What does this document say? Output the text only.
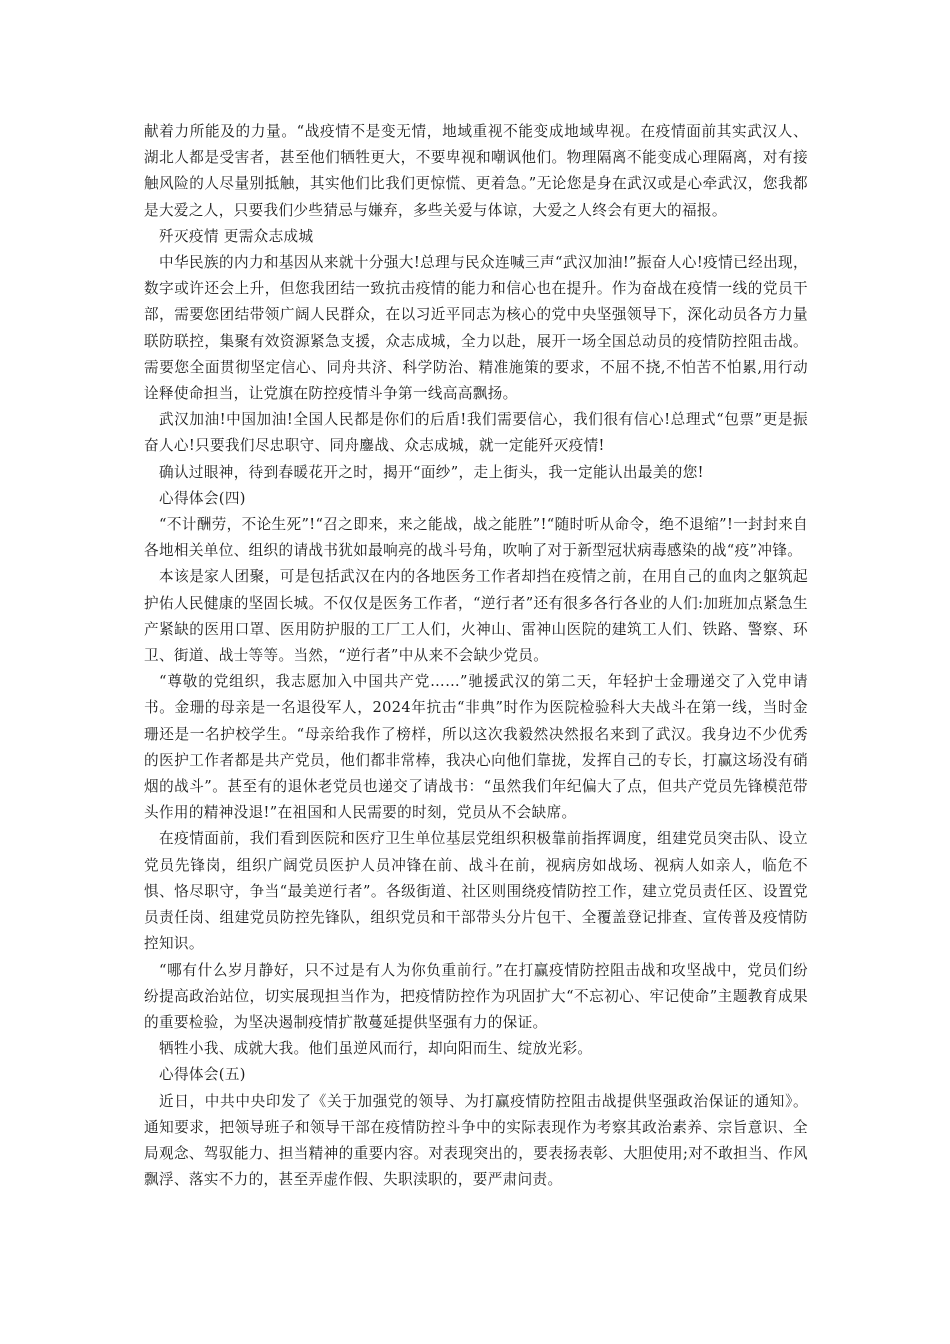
献着力所能及的力量。“战疫情不是变无情，地域重视不能变成地域卑视。在疫情面前其实武汉人、湖北人都是受害者，甚至他们牺牲更大，不要卑视和嘲讽他们。物理隔离不能变成心理隔离，对有接触风险的人尽量别抵触，其实他们比我们更惊慌、更着急。”无论您是身在武汉或是心牵武汉，您我都是大爱之人，只要我们少些猜忌与嫌弃，多些关爱与体谅，大爱之人终会有更大的福报。

歼灭疫情 更需众志成城

中华民族的内力和基因从来就十分强大!总理与民众连喊三声“武汉加油!”振奋人心!疫情已经出现，数字或许还会上升，但您我团结一致抗击疫情的能力和信心也在提升。作为奋战在疫情一线的党员干部，需要您团结带领广阔人民群众，在以习近平同志为核心的党中央坚强领导下，深化动员各方力量联防联控，集聚有效资源紧急支援，众志成城，全力以赴，展开一场全国总动员的疫情防控阻击战。需要您全面贯彻坚定信心、同舟共济、科学防治、精准施策的要求，不屈不挠,不怕苦不怕累,用行动诠释使命担当，让党旗在防控疫情斗争第一线高高飘扬。

武汉加油!中国加油!全国人民都是你们的后盾!我们需要信心，我们很有信心!总理式“包票”更是振奋人心!只要我们尽忠职守、同舟鏖战、众志成城，就一定能歼灭疫情!

确认过眼神，待到春暖花开之时，揭开“面纱”，走上街头，我一定能认出最美的您!

心得体会(四)

“不计酬劳，不论生死”!“召之即来，来之能战，战之能胜”!“随时听从命令，绝不退缩”!一封封来自各地相关单位、组织的请战书犹如最响亮的战斗号角，吹响了对于新型冠状病毒感染的战“疫”冲锋。

本该是家人团聚，可是包括武汉在内的各地医务工作者却挡在疫情之前，在用自己的血肉之躯筑起护佑人民健康的坚固长城。不仅仅是医务工作者，“逆行者”还有很多各行各业的人们:加班加点紧急生产紧缺的医用口罩、医用防护服的工厂工人们，火神山、雷神山医院的建筑工人们、铁路、警察、环卫、街道、战士等等。当然，“逆行者”中从来不会缺少党员。

“尊敬的党组织，我志愿加入中国共产党……”驰援武汉的第二天，年轻护士金珊递交了入党申请书。金珊的母亲是一名退役军人，2024年抗击“非典”时作为医院检验科大夫战斗在第一线，当时金珊还是一名护校学生。“母亲给我作了榜样，所以这次我毅然决然报名来到了武汉。我身边不少优秀的医护工作者都是共产党员，他们都非常棒，我决心向他们靠拢，发挥自己的专长，打赢这场没有硝烟的战斗”。甚至有的退休老党员也递交了请战书：“虽然我们年纪偏大了点，但共产党员先锋模范带头作用的精神没退!”在祖国和人民需要的时刻，党员从不会缺席。

在疫情面前，我们看到医院和医疗卫生单位基层党组织积极靠前指挥调度，组建党员突击队、设立党员先锋岗，组织广阔党员医护人员冲锋在前、战斗在前，视病房如战场、视病人如亲人，临危不惧、恪尽职守，争当“最美逆行者”。各级街道、社区则围绕疫情防控工作，建立党员责任区、设置党员责任岗、组建党员防控先锋队，组织党员和干部带头分片包干、全覆盖登记排查、宣传普及疫情防控知识。

“哪有什么岁月静好，只不过是有人为你负重前行。”在打赢疫情防控阻击战和攻坚战中，党员们纷纷提高政治站位，切实展现担当作为，把疫情防控作为巩固扩大“不忘初心、牢记使命”主题教育成果的重要检验，为坚决遏制疫情扩散蔓延提供坚强有力的保证。

牺牲小我、成就大我。他们虽逆风而行，却向阳而生、绽放光彩。

心得体会(五)

近日，中共中央印发了《关于加强党的领导、为打赢疫情防控阻击战提供坚强政治保证的通知》。通知要求，把领导班子和领导干部在疫情防控斗争中的实际表现作为考察其政治素养、宗旨意识、全局观念、驾驭能力、担当精神的重要内容。对表现突出的，要表扬表彰、大胆使用;对不敢担当、作风飘浮、落实不力的，甚至弄虚作假、失职渎职的，要严肃问责。
